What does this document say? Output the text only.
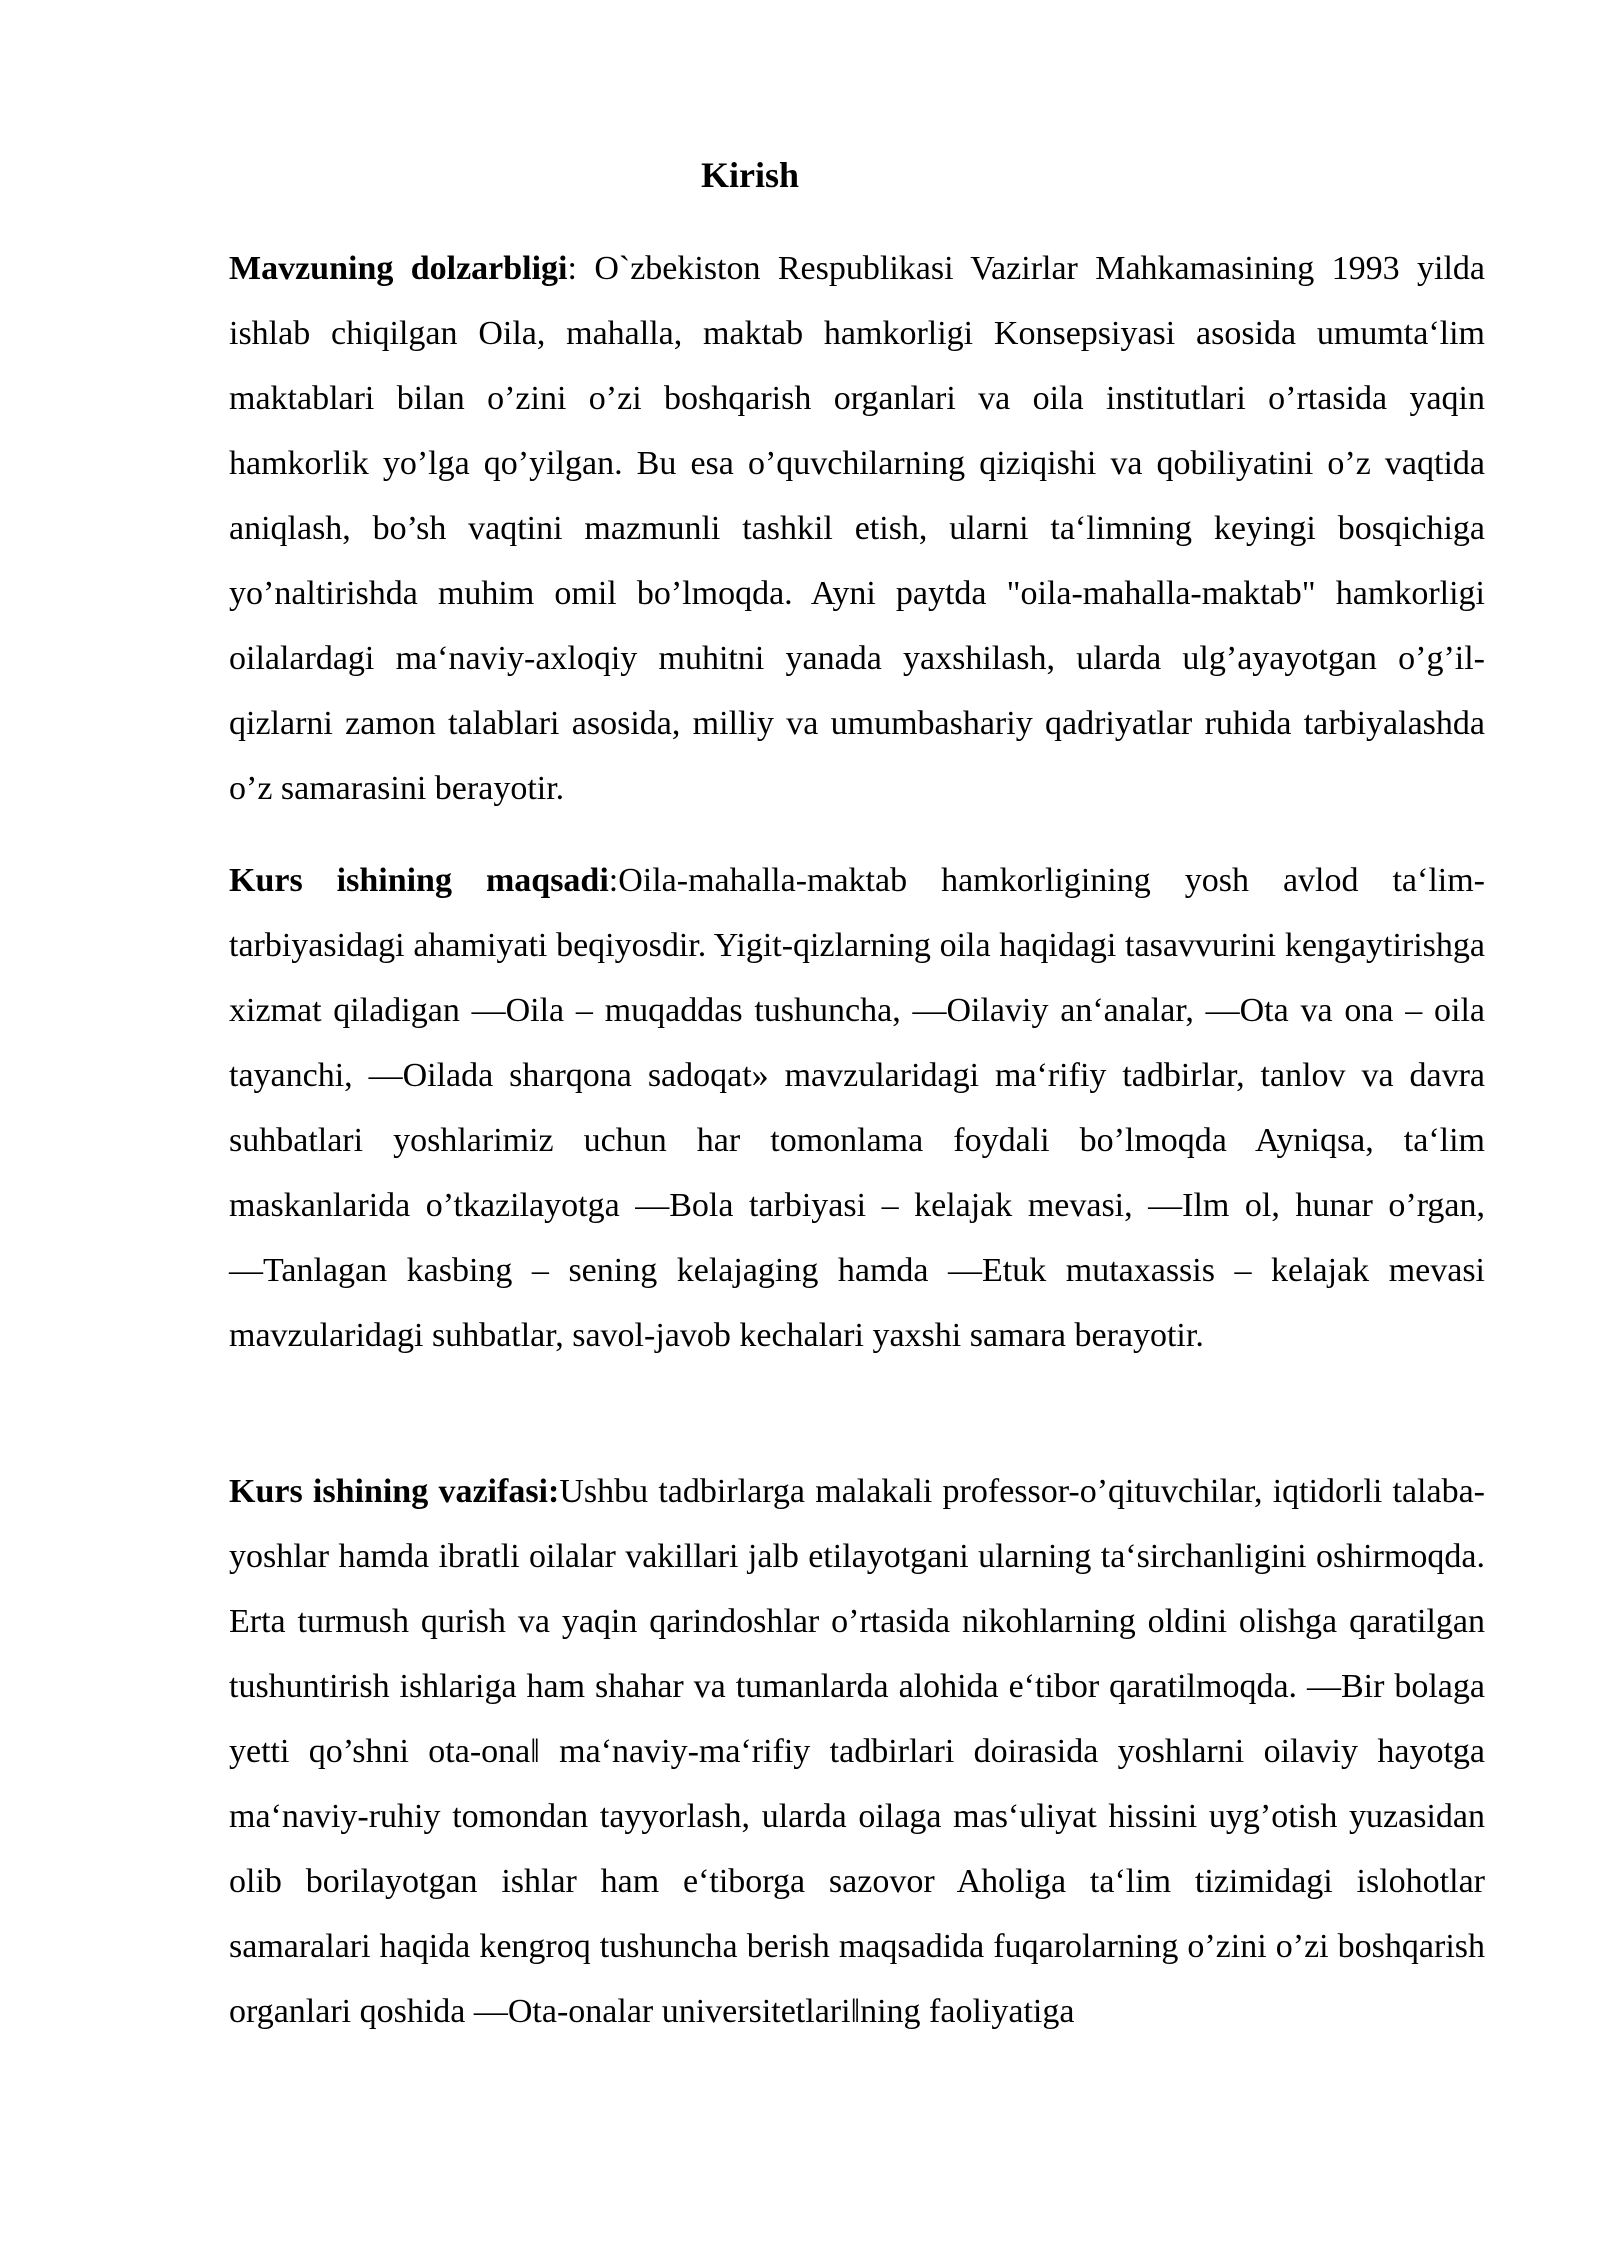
Kirish

Mavzuning dolzarbligi: O`zbekiston Respublikasi Vazirlar Mahkamasining 1993 yilda ishlab chiqilgan Oila, mahalla, maktab hamkorligi Konsepsiyasi asosida umumta‘lim maktablari bilan o’zini o’zi boshqarish organlari va oila institutlari o’rtasida yaqin hamkorlik yo’lga qo’yilgan. Bu esa o’quvchilarning qiziqishi va qobiliyatini o’z vaqtida aniqlash, bo’sh vaqtini mazmunli tashkil etish, ularni ta‘limning keyingi bosqichiga yo’naltirishda muhim omil bo’lmoqda. Ayni paytda "oila-mahalla-maktab" hamkorligi oilalardagi ma‘naviy-axloqiy muhitni yanada yaxshilash, ularda ulg’ayayotgan o’g’il-qizlarni zamon talablari asosida, milliy va umumbashariy qadriyatlar ruhida tarbiyalashda o’z samarasini berayotir.

Kurs ishining maqsadi:Oila-mahalla-maktab hamkorligining yosh avlod ta‘lim-tarbiyasidagi ahamiyati beqiyosdir. Yigit-qizlarning oila haqidagi tasavvurini kengaytirishga xizmat qiladigan ―Oila – muqaddas tushuncha, ―Oilaviy an‘analar, ―Ota va ona – oila tayanchi, ―Oilada sharqona sadoqat» mavzularidagi ma‘rifiy tadbirlar, tanlov va davra suhbatlari yoshlarimiz uchun har tomonlama foydali bo’lmoqda Ayniqsa, ta‘lim maskanlarida o’tkazilayotga ―Bola tarbiyasi – kelajak mevasi, ―Ilm ol, hunar o’rgan, ―Tanlagan kasbing – sening kelajaging hamda ―Etuk mutaxassis – kelajak mevasi mavzularidagi suhbatlar, savol-javob kechalari yaxshi samara berayotir.

Kurs ishining vazifasi:Ushbu tadbirlarga malakali professor-o’qituvchilar, iqtidorli talaba-yoshlar hamda ibratli oilalar vakillari jalb etilayotgani ularning ta‘sirchanligini oshirmoqda. Erta turmush qurish va yaqin qarindoshlar o’rtasida nikohlarning oldini olishga qaratilgan tushuntirish ishlariga ham shahar va tumanlarda alohida e‘tibor qaratilmoqda. ―Bir bolaga yetti qo’shni ota-ona‖ ma‘naviy-ma‘rifiy tadbirlari doirasida yoshlarni oilaviy hayotga ma‘naviy-ruhiy tomondan tayyorlash, ularda oilaga mas‘uliyat hissini uyg’otish yuzasidan olib borilayotgan ishlar ham e‘tiborga sazovor Aholiga ta‘lim tizimidagi islohotlar samaralari haqida kengroq tushuncha berish maqsadida fuqarolarning o’zini o’zi boshqarish organlari qoshida ―Ota-onalar universitetlari‖ning faoliyatiga
